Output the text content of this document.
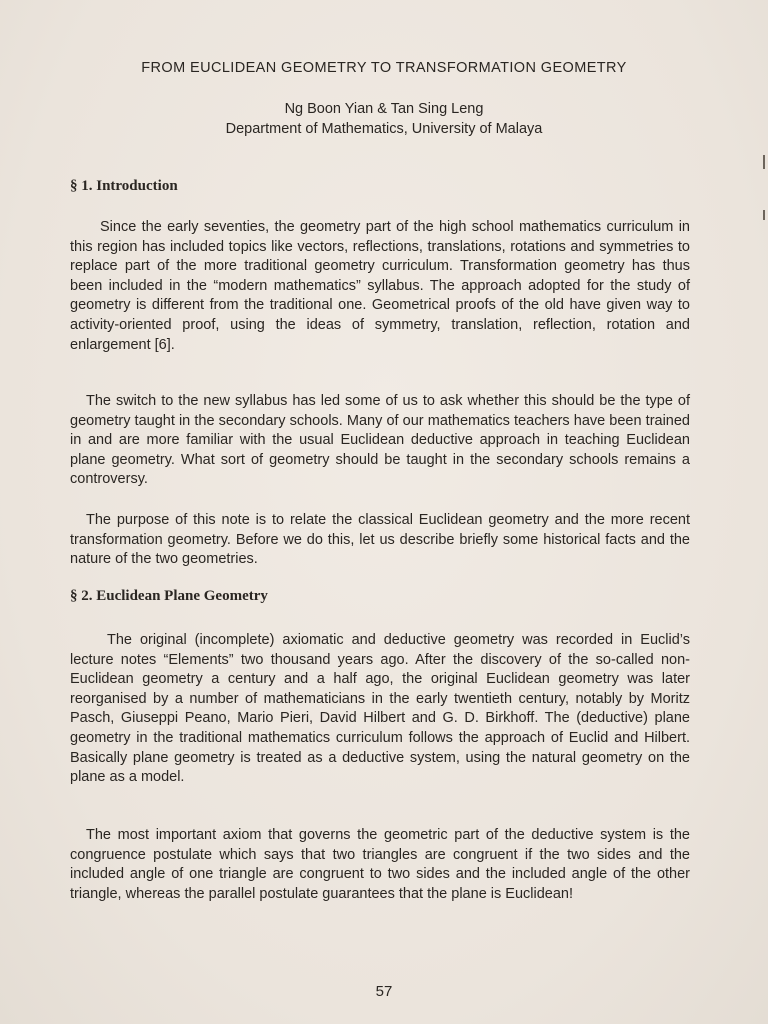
FROM EUCLIDEAN GEOMETRY TO TRANSFORMATION GEOMETRY
Ng Boon Yian & Tan Sing Leng
Department of Mathematics, University of Malaya
§ 1. Introduction

Since the early seventies, the geometry part of the high school mathematics curriculum in this region has included topics like vectors, reflections, translations, rotations and symmetries to replace part of the more traditional geometry curriculum. Transformation geometry has thus been included in the “modern mathematics” syllabus. The approach adopted for the study of geometry is different from the traditional one. Geometrical proofs of the old have given way to activity-oriented proof, using the ideas of symmetry, translation, reflection, rotation and enlargement [6].

The switch to the new syllabus has led some of us to ask whether this should be the type of geometry taught in the secondary schools. Many of our mathematics teachers have been trained in and are more familiar with the usual Euclidean deductive approach in teaching Euclidean plane geometry. What sort of geometry should be taught in the secondary schools remains a controversy.

The purpose of this note is to relate the classical Euclidean geometry and the more recent transformation geometry. Before we do this, let us describe briefly some historical facts and the nature of the two geometries.

§ 2. Euclidean Plane Geometry

The original (incomplete) axiomatic and deductive geometry was recorded in Euclid’s lecture notes “Elements” two thousand years ago. After the discovery of the so-called non-Euclidean geometry a century and a half ago, the original Euclidean geometry was later reorganised by a number of mathematicians in the early twentieth century, notably by Moritz Pasch, Giuseppi Peano, Mario Pieri, David Hilbert and G. D. Birkhoff. The (deductive) plane geometry in the traditional mathematics curriculum follows the approach of Euclid and Hilbert. Basically plane geometry is treated as a deductive system, using the natural geometry on the plane as a model.

The most important axiom that governs the geometric part of the deductive system is the congruence postulate which says that two triangles are congruent if the two sides and the included angle of one triangle are congruent to two sides and the included angle of the other triangle, whereas the parallel postulate guarantees that the plane is Euclidean!

57
